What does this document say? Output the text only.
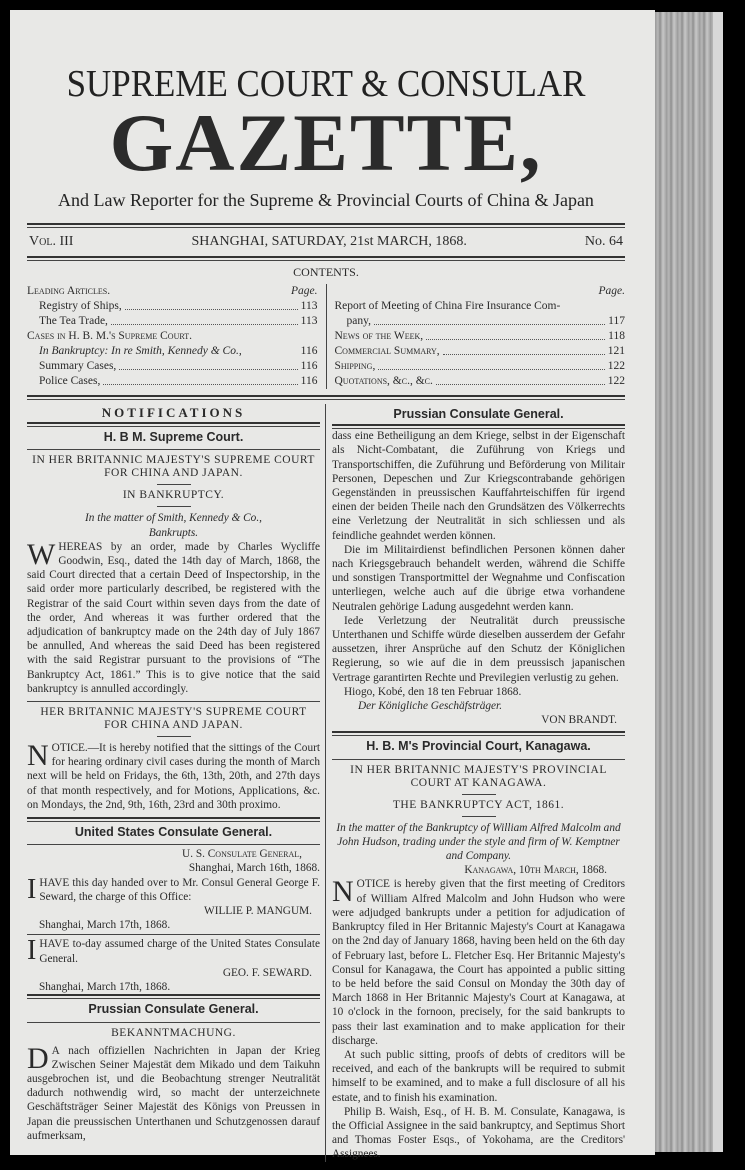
SUPREME COURT & CONSULAR
GAZETTE,
And Law Reporter for the Supreme & Provincial Courts of China & Japan
Vol. III	SHANGHAI, SATURDAY, 21st MARCH, 1868.	No. 64
CONTENTS.
Leading Articles.	Page.
Registry of Ships,	113
The Tea Trade,	113
Cases in H. B. M.'s Supreme Court.
In Bankruptcy: In re Smith, Kennedy & Co.,	116
Summary Cases,	116
Police Cases,	116
Page.
Report of Meeting of China Fire Insurance Com-
pany,	117
News of the Week,	118
Commercial Summary,	121
Shipping,	122
Quotations, &c., &c.	122
NOTIFICATIONS
H. B M. Supreme Court.
IN HER BRITANNIC MAJESTY'S SUPREME COURT FOR CHINA AND JAPAN.
IN BANKRUPTCY.
In the matter of Smith, Kennedy & Co.,
Bankrupts.

WHEREAS by an order, made by Charles Wycliffe Goodwin, Esq., dated the 14th day of March, 1868, the said Court directed that a certain Deed of Inspectorship, in the said order more particularly described, be registered with the Registrar of the said Court within seven days from the date of the order, And whereas it was further ordered that the adjudication of bankruptcy made on the 24th day of July 1867 be annulled, And whereas the said Deed has been registered with the said Registrar pursuant to the provisions of “The Bankruptcy Act, 1861.” This is to give notice that the said bankruptcy is annulled accordingly.

HER BRITANNIC MAJESTY'S SUPREME COURT FOR CHINA AND JAPAN.

NOTICE.—It is hereby notified that the sittings of the Court for hearing ordinary civil cases during the month of March next will be held on Fridays, the 6th, 13th, 20th, and 27th days of that month respectively, and for Motions, Applications, &c. on Mondays, the 2nd, 9th, 16th, 23rd and 30th proximo.

United States Consulate General.
U. S. Consulate General,
Shanghai, March 16th, 1868.

IHAVE this day handed over to Mr. Consul General George F. Seward, the charge of this Office:

WILLIE P. MANGUM.
Shanghai, March 17th, 1868.

IHAVE to-day assumed charge of the United States Consulate General.

GEO. F. SEWARD.
Shanghai, March 17th, 1868.
Prussian Consulate General.
BEKANNTMACHUNG.

D A nach offiziellen Nachrichten in Japan der Krieg Zwischen Seiner Majestät dem Mikado und dem Taikuhn ausgebrochen ist, und die Beobachtung strenger Neutralität dadurch nothwendig wird, so macht der unterzeichnete Geschäftsträger Seiner Majestät des Königs von Preussen in Japan die preussischen Unterthanen und Schutzgenossen darauf aufmerksam,

Prussian Consulate General.

dass eine Betheiligung an dem Kriege, selbst in der Eigenschaft als Nicht-Combatant, die Zuführung von Kriegs und Transportschiffen, die Zuführung und Beförderung von Militair Personen, Depeschen und Zur Kriegscontrabande gehörigen Gegenständen in preussischen Kauffahrteischiffen für irgend einen der beiden Theile nach den Grundsätzen des Völkerrechts eine Verletzung der Neutralität in sich schliessen und als feindliche geahndet werden können.

Die im Militairdienst befindlichen Personen können daher nach Kriegsgebrauch behandelt werden, während die Schiffe und sonstigen Transportmittel der Wegnahme und Confiscation unterliegen, welche auch auf die übrige etwa vorhandene Neutralen gehörige Ladung ausgedehnt werden kann.

Iede Verletzung der Neutralität durch preussische Unterthanen und Schiffe würde dieselben ausserdem der Gefahr aussetzen, ihrer Ansprüche auf den Schutz der Königlichen Regierung, so wie auf die in dem preussisch japanischen Vertrage garantirten Rechte und Previlegien verlustig zu gehen.

Hiogo, Kobé, den 18 ten Februar 1868.
Der Königliche Geschäfsträger.
VON BRANDT.
H. B. M's Provincial Court, Kanagawa.
IN HER BRITANNIC MAJESTY'S PROVINCIAL COURT AT KANAGAWA.
THE BANKRUPTCY ACT, 1861.

In the matter of the Bankruptcy of William Alfred Malcolm and John Hudson, trading under the style and firm of W. Kemptner and Company.

Kanagawa, 10th March, 1868.

NOTICE is hereby given that the first meeting of Creditors of William Alfred Malcolm and John Hudson who were were adjudged bankrupts under a petition for adjudication of Bankruptcy filed in Her Britannic Majesty's Court at Kanagawa on the 2nd day of January 1868, having been held on the 6th day of February last, before L. Fletcher Esq. Her Britannic Majesty's Consul for Kanagawa, the Court has appointed a public sitting to be held before the said Consul on Monday the 30th day of March 1868 in Her Britannic Majesty's Court at Kanagawa, at 10 o'clock in the fornoon, precisely, for the said bankrupts to pass their last examination and to make application for their discharge.

At such public sitting, proofs of debts of creditors will be received, and each of the bankrupts will be required to submit himself to be examined, and to make a full disclosure of all his estate, and to finish his examination.

Philip B. Waish, Esq., of H. B. M. Consulate, Kanagawa, is the Official Assignee in the said bankruptcy, and Septimus Short and Thomas Foster Esqs., of Yokohama, are the Creditors' Assignees.
